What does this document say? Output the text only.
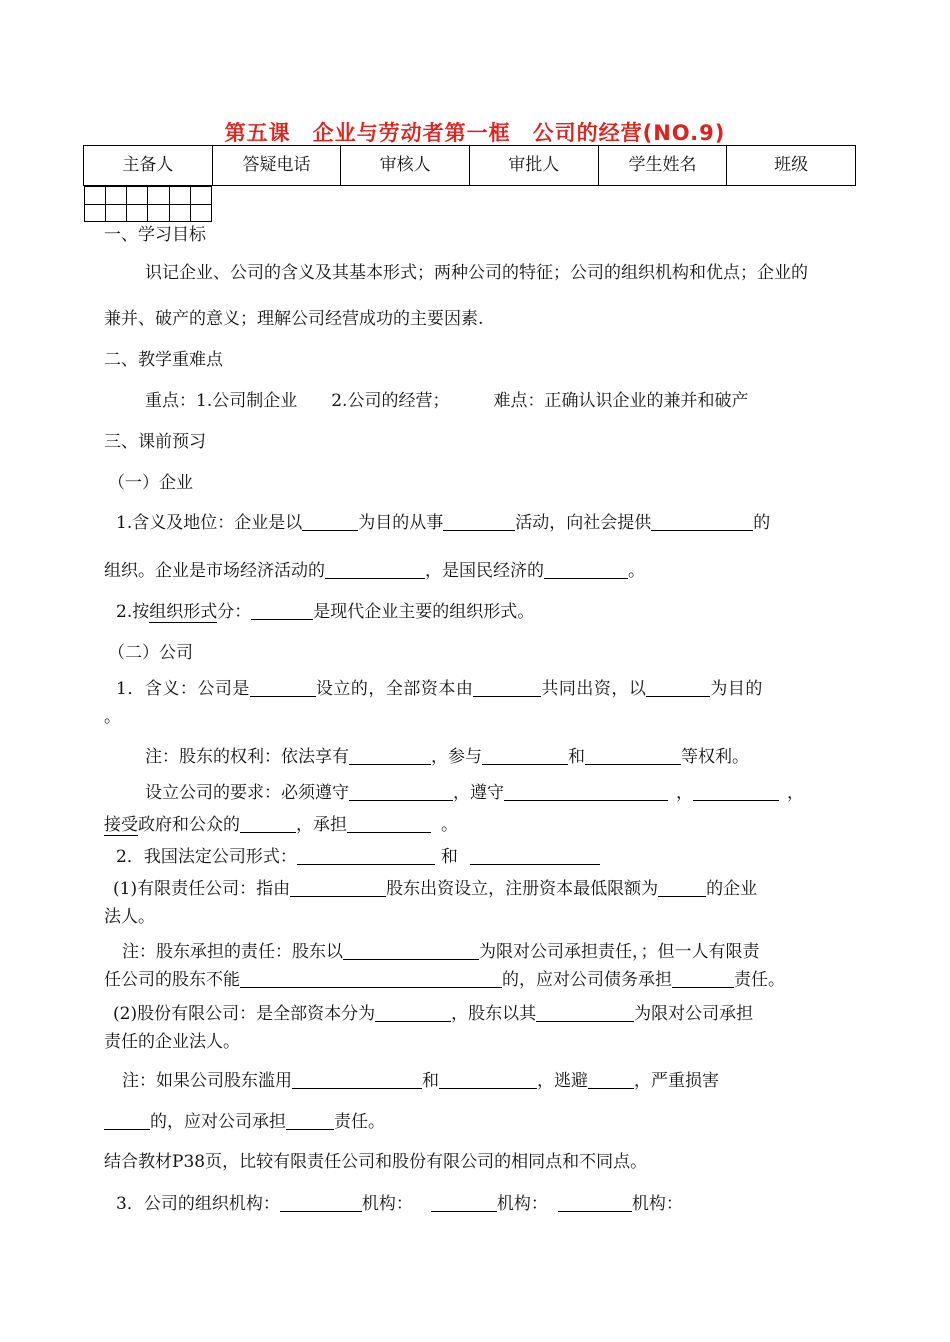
第五课　企业与劳动者第一框　公司的经营(NO.9)
主备人	答疑电话	审核人	审批人	学生姓名	班级

一、学习目标
识记企业、公司的含义及其基本形式；两种公司的特征；公司的组织机构和优点；企业的
兼并、破产的意义；理解公司经营成功的主要因素.
二、教学重难点
重点：1.公司制企业　　2.公司的经营；	难点：正确认识企业的兼并和破产
三、课前预习
（一）企业
1.含义及地位：企业是以	为目的从事	活动，向社会提供	的
组织。企业是市场经济活动的	，是国民经济的	。
2.按组织形式分：	是现代企业主要的组织形式。
（二）公司
1．含义：公司是	设立的，全部资本由	共同出资，以	为目的
。
注：股东的权利：依法享有	，参与	和	等权利。
设立公司的要求：必须遵守	，遵守	，	，
接受政府和公众的	，承担	。
2．我国法定公司形式：	和
(1)有限责任公司：指由	股东出资设立，注册资本最低限额为	的企业
法人。
注：股东承担的责任：股东以	为限对公司承担责任，；但一人有限责
任公司的股东不能	的，应对公司债务承担	责任。
(2)股份有限公司：是全部资本分为	，股东以其	为限对公司承担
责任的企业法人。
注：如果公司股东滥用	和	，逃避	，严重损害
的，应对公司承担	责任。
结合教材P38页，比较有限责任公司和股份有限公司的相同点和不同点。
3．公司的组织机构：	机构：	机构：	机构：
